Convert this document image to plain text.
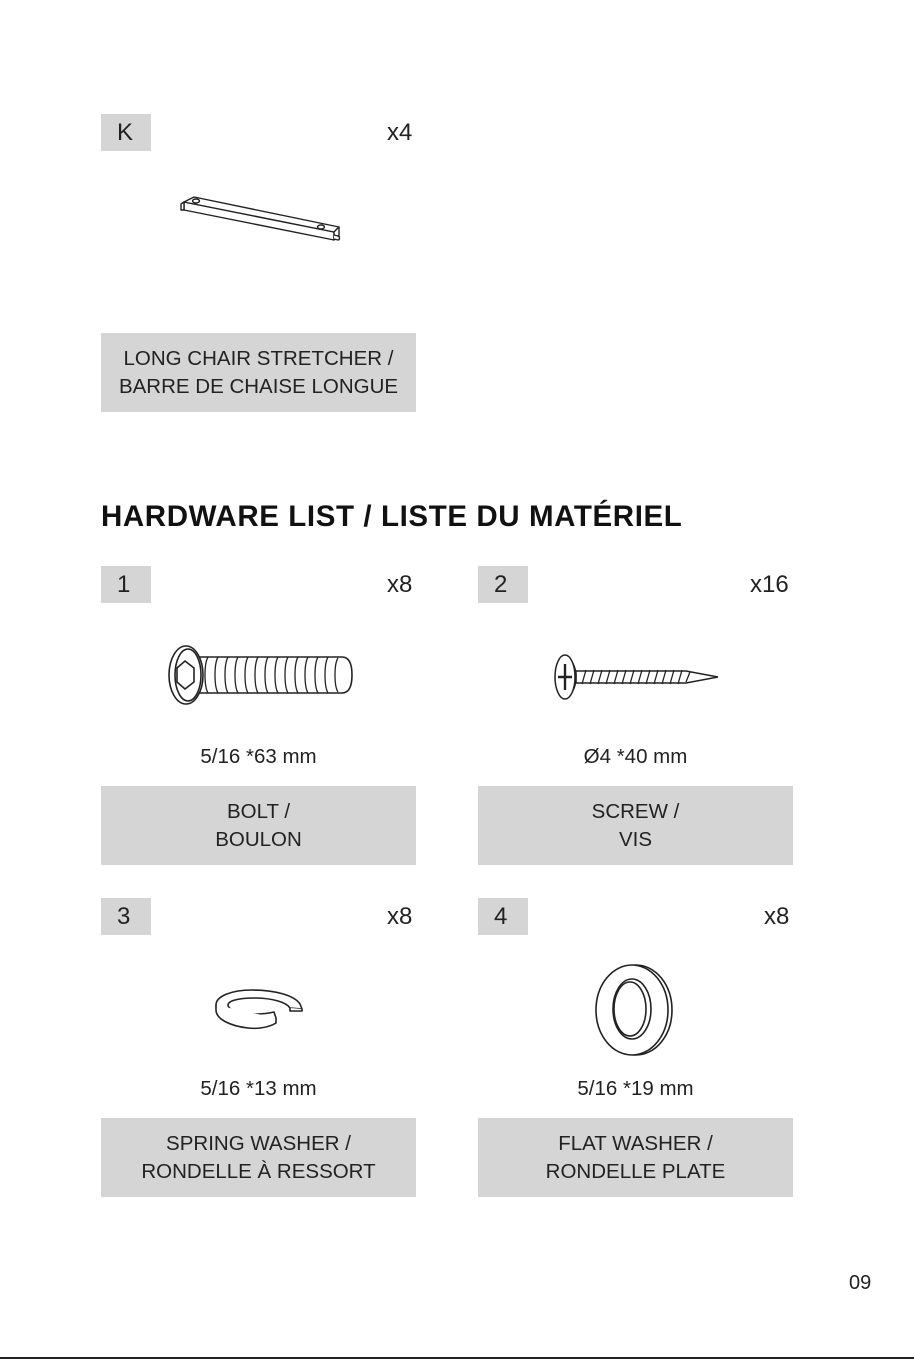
K	x4
LONG CHAIR STRETCHER /
BARRE DE CHAISE LONGUE
HARDWARE LIST / LISTE DU MATÉRIEL
1	x8
5/16 *63 mm
BOLT /
BOULON
2	x16
Ø4 *40 mm
SCREW /
VIS
3	x8
5/16 *13 mm
SPRING WASHER /
RONDELLE À RESSORT
4	x8
5/16 *19 mm
FLAT WASHER /
RONDELLE PLATE
09
